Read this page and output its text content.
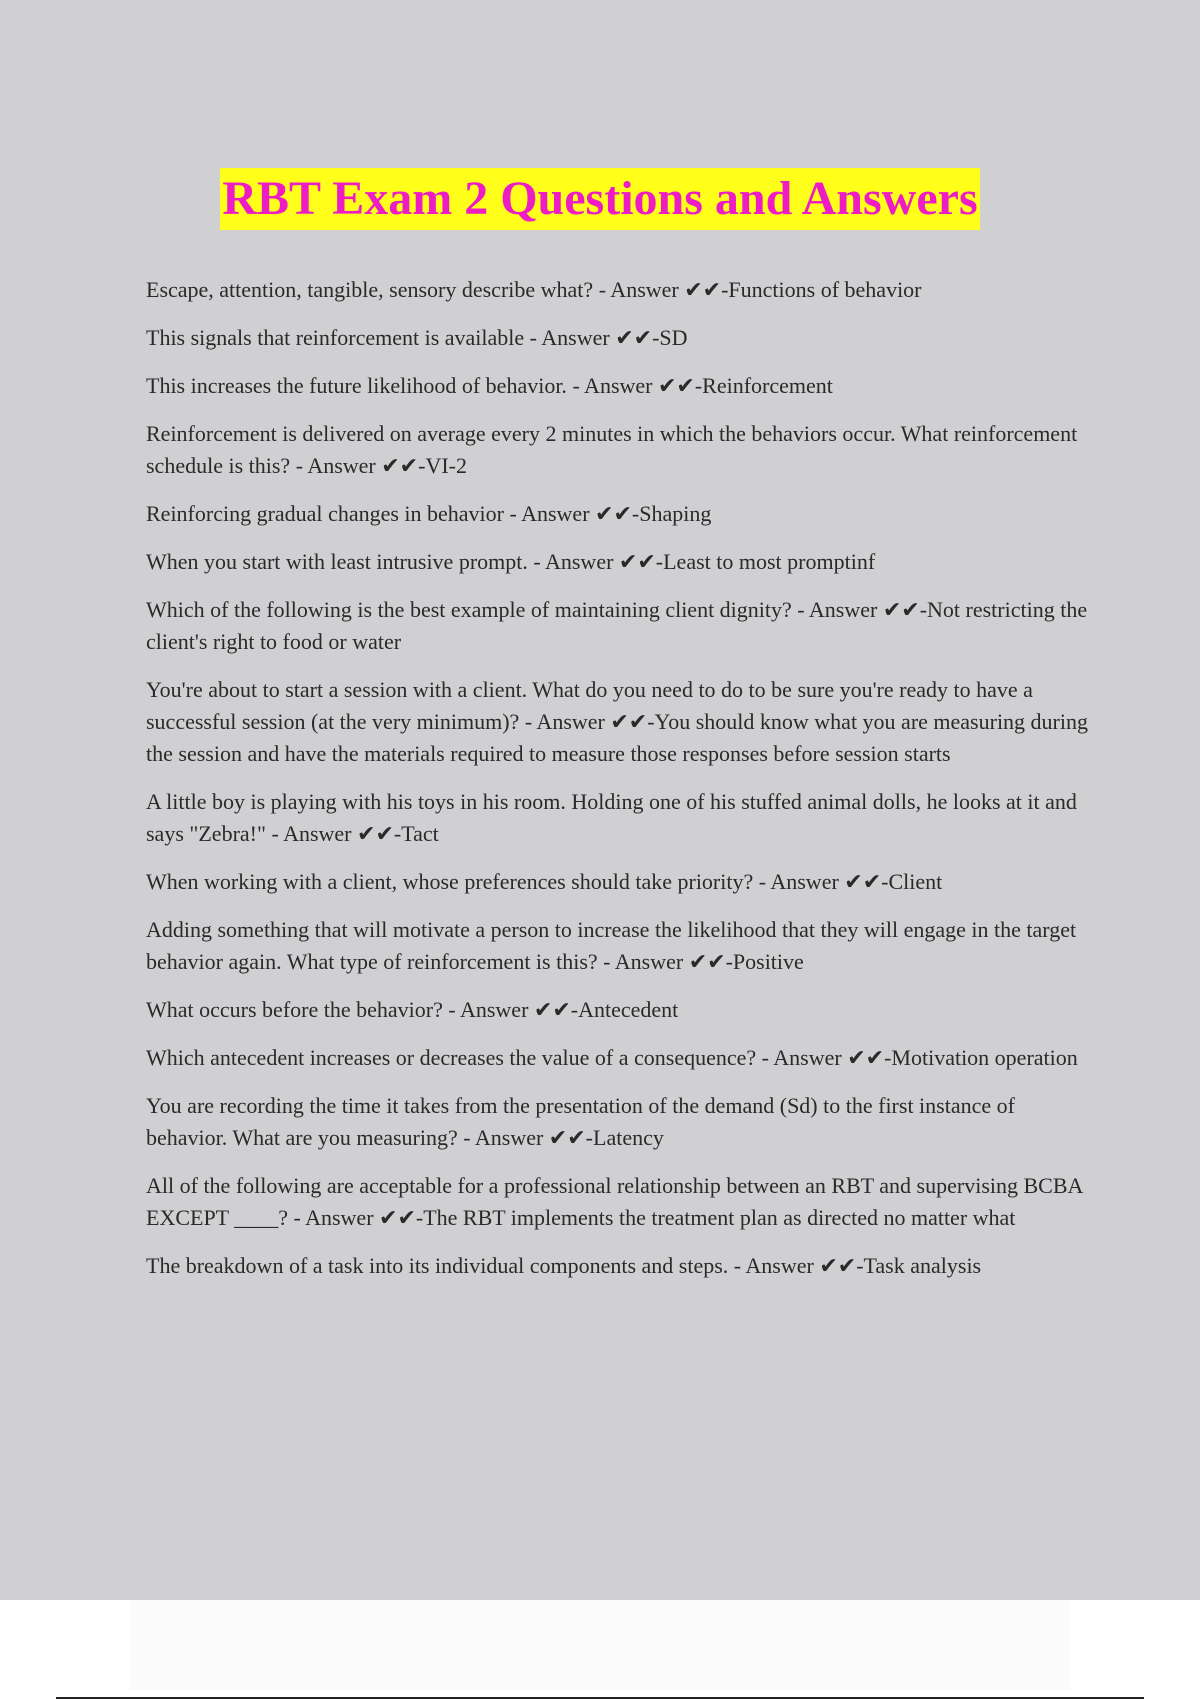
RBT Exam 2 Questions and Answers
Escape, attention, tangible, sensory describe what? - Answer ✔✔-Functions of behavior
This signals that reinforcement is available - Answer ✔✔-SD
This increases the future likelihood of behavior. - Answer ✔✔-Reinforcement
Reinforcement is delivered on average every 2 minutes in which the behaviors occur. What reinforcement schedule is this? - Answer ✔✔-VI-2
Reinforcing gradual changes in behavior - Answer ✔✔-Shaping
When you start with least intrusive prompt. - Answer ✔✔-Least to most promptinf
Which of the following is the best example of maintaining client dignity? - Answer ✔✔-Not restricting the client's right to food or water
You're about to start a session with a client. What do you need to do to be sure you're ready to have a successful session (at the very minimum)? - Answer ✔✔-You should know what you are measuring during the session and have the materials required to measure those responses before session starts
A little boy is playing with his toys in his room. Holding one of his stuffed animal dolls, he looks at it and says "Zebra!" - Answer ✔✔-Tact
When working with a client, whose preferences should take priority? - Answer ✔✔-Client
Adding something that will motivate a person to increase the likelihood that they will engage in the target behavior again. What type of reinforcement is this? - Answer ✔✔-Positive
What occurs before the behavior? - Answer ✔✔-Antecedent
Which antecedent increases or decreases the value of a consequence? - Answer ✔✔-Motivation operation
You are recording the time it takes from the presentation of the demand (Sd) to the first instance of behavior. What are you measuring? - Answer ✔✔-Latency
All of the following are acceptable for a professional relationship between an RBT and supervising BCBA EXCEPT ____? - Answer ✔✔-The RBT implements the treatment plan as directed no matter what
The breakdown of a task into its individual components and steps. - Answer ✔✔-Task analysis
